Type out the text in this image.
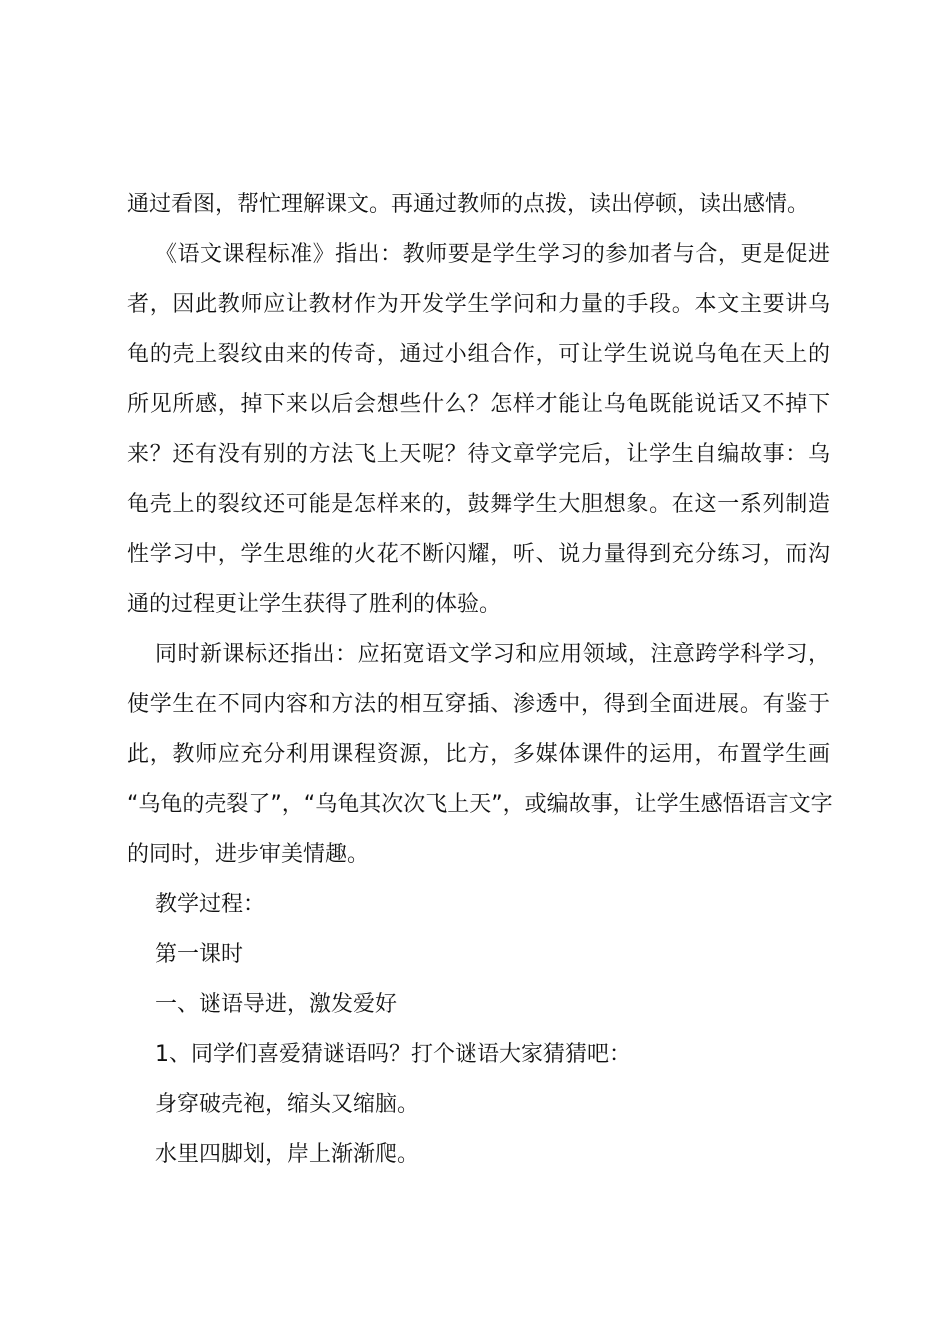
通过看图，帮忙理解课文。再通过教师的点拨，读出停顿，读出感情。
《语文课程标准》指出：教师要是学生学习的参加者与合，更是促进
者，因此教师应让教材作为开发学生学问和力量的手段。本文主要讲乌
龟的壳上裂纹由来的传奇，通过小组合作，可让学生说说乌龟在天上的
所见所感，掉下来以后会想些什么？怎样才能让乌龟既能说话又不掉下
来？还有没有别的方法飞上天呢？待文章学完后，让学生自编故事：乌
龟壳上的裂纹还可能是怎样来的，鼓舞学生大胆想象。在这一系列制造
性学习中，学生思维的火花不断闪耀，听、说力量得到充分练习，而沟
通的过程更让学生获得了胜利的体验。
同时新课标还指出：应拓宽语文学习和应用领域，注意跨学科学习，
使学生在不同内容和方法的相互穿插、渗透中，得到全面进展。有鉴于
此，教师应充分利用课程资源，比方，多媒体课件的运用，布置学生画
“乌龟的壳裂了”，“乌龟其次次飞上天”，或编故事，让学生感悟语言文字
的同时，进步审美情趣。
教学过程：
第一课时
一、谜语导进，激发爱好
1、同学们喜爱猜谜语吗？打个谜语大家猜猜吧：
身穿破壳袍，缩头又缩脑。
水里四脚划，岸上渐渐爬。
